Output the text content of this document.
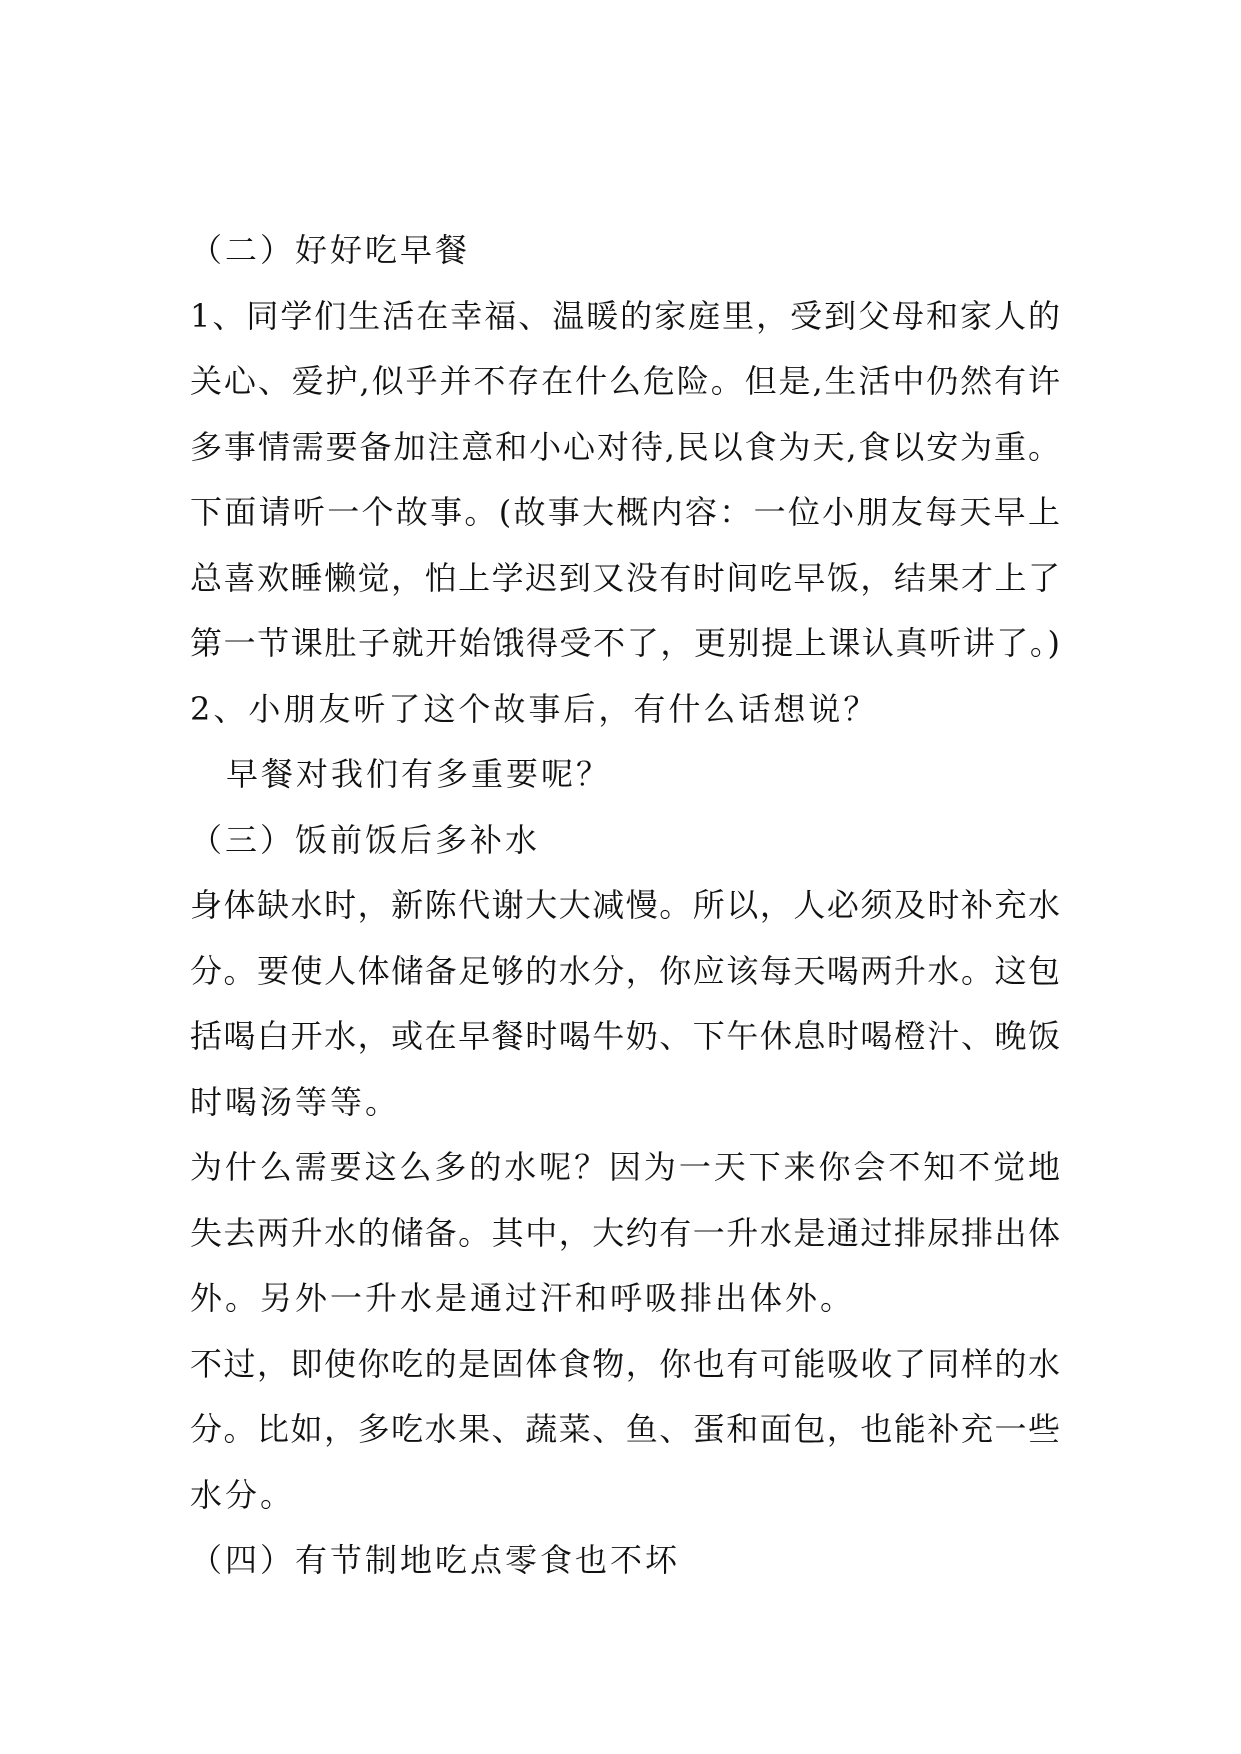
（二）好好吃早餐
1、同学们生活在幸福、温暖的家庭里，受到父母和家人的
关心、爱护,似乎并不存在什么危险。但是,生活中仍然有许
多事情需要备加注意和小心对待,民以食为天,食以安为重。
下面请听一个故事。(故事大概内容：一位小朋友每天早上
总喜欢睡懒觉，怕上学迟到又没有时间吃早饭，结果才上了
第一节课肚子就开始饿得受不了，更别提上课认真听讲了。)
2、小朋友听了这个故事后，有什么话想说？
早餐对我们有多重要呢？
（三）饭前饭后多补水
身体缺水时，新陈代谢大大减慢。所以，人必须及时补充水
分。要使人体储备足够的水分，你应该每天喝两升水。这包
括喝白开水，或在早餐时喝牛奶、下午休息时喝橙汁、晚饭
时喝汤等等。
为什么需要这么多的水呢？因为一天下来你会不知不觉地
失去两升水的储备。其中，大约有一升水是通过排尿排出体
外。另外一升水是通过汗和呼吸排出体外。
不过，即使你吃的是固体食物，你也有可能吸收了同样的水
分。比如，多吃水果、蔬菜、鱼、蛋和面包，也能补充一些
水分。
（四）有节制地吃点零食也不坏
